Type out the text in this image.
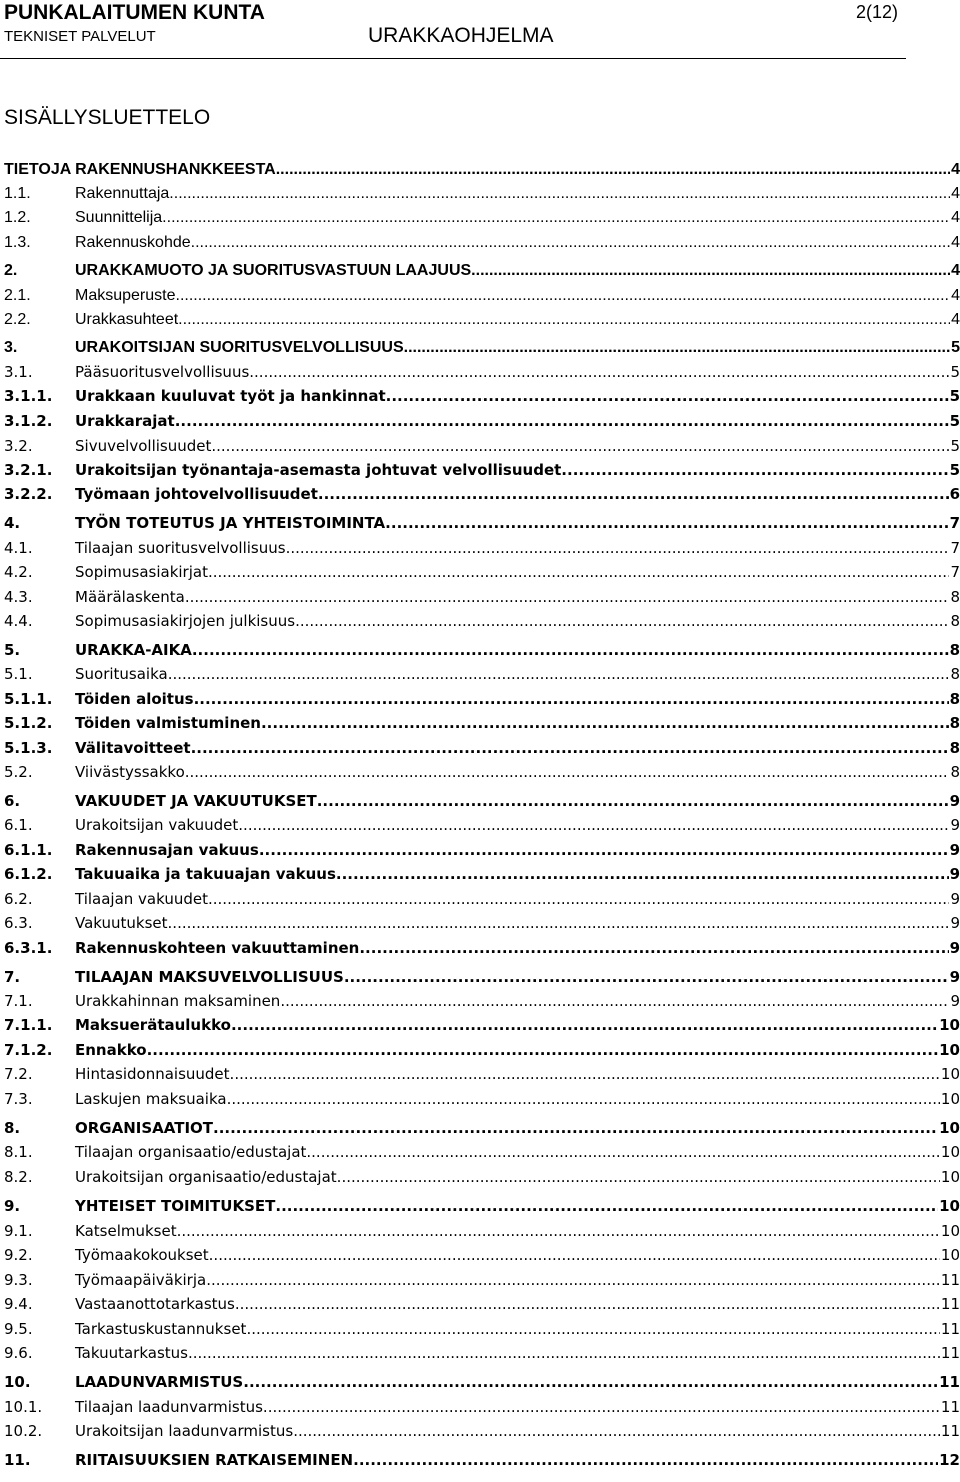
PUNKALAITUMEN KUNTA
TEKNISET PALVELUT	URAKKAOHJELMA
2(12)
SISÄLLYSLUETTELO
TIETOJA RAKENNUSHANKKEESTA .....	4
1.1.	Rakennuttaja .....	4
1.2.	Suunnittelija .....	4
1.3.	Rakennuskohde .....	4
2.	URAKKAMUOTO JA SUORITUSVASTUUN LAAJUUS .....	4
2.1.	Maksuperuste .....	4
2.2.	Urakkasuhteet .....	4
3.	URAKOITSIJAN SUORITUSVELVOLLISUUS .....	5
3.1.	Pääsuoritusvelvollisuus .....	5
3.1.1.	Urakkaan kuuluvat työt ja hankinnat .....	5
3.1.2.	Urakkarajat .....	5
3.2.	Sivuvelvollisuudet .....	5
3.2.1.	Urakoitsijan työnantaja-asemasta johtuvat velvollisuudet .....	5
3.2.2.	Työmaan johtovelvollisuudet .....	6
4.	TYÖN TOTEUTUS JA YHTEISTOIMINTA .....	7
4.1.	Tilaajan suoritusvelvollisuus .....	7
4.2.	Sopimusasiakirjat .....	7
4.3.	Määrälaskenta .....	8
4.4.	Sopimusasiakirjojen julkisuus .....	8
5.	URAKKA-AIKA .....	8
5.1.	Suoritusaika .....	8
5.1.1.	Töiden aloitus .....	8
5.1.2.	Töiden valmistuminen .....	8
5.1.3.	Välitavoitteet .....	8
5.2.	Viivästyssakko .....	8
6.	VAKUUDET JA VAKUUTUKSET .....	9
6.1.	Urakoitsijan vakuudet .....	9
6.1.1.	Rakennusajan vakuus .....	9
6.1.2.	Takuuaika ja takuuajan vakuus .....	9
6.2.	Tilaajan vakuudet .....	9
6.3.	Vakuutukset .....	9
6.3.1.	Rakennuskohteen vakuuttaminen .....	9
7.	TILAAJAN MAKSUVELVOLLISUUS .....	9
7.1.	Urakkahinnan maksaminen .....	9
7.1.1.	Maksuerätaulukko .....	10
7.1.2.	Ennakko .....	10
7.2.	Hintasidonnaisuudet .....	10
7.3.	Laskujen maksuaika .....	10
8.	ORGANISAATIOT .....	10
8.1.	Tilaajan organisaatio/edustajat .....	10
8.2.	Urakoitsijan organisaatio/edustajat .....	10
9.	YHTEISET TOIMITUKSET .....	10
9.1.	Katselmukset .....	10
9.2.	Työmaakokoukset .....	10
9.3.	Työmaapäiväkirja .....	11
9.4.	Vastaanottotarkastus .....	11
9.5.	Tarkastuskustannukset .....	11
9.6.	Takuutarkastus .....	11
10.	LAADUNVARMISTUS .....	11
10.1.	Tilaajan laadunvarmistus .....	11
10.2.	Urakoitsijan laadunvarmistus .....	11
11.	RIITAISUUKSIEN RATKAISEMINEN .....	12
